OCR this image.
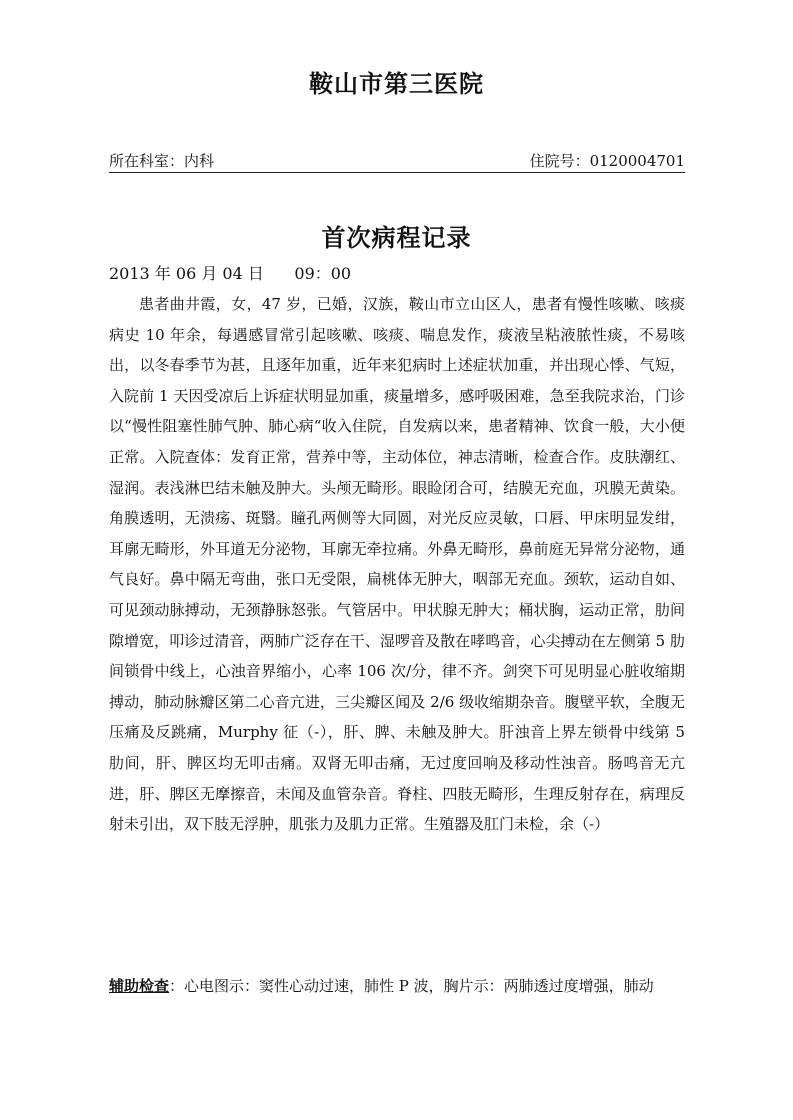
鞍山市第三医院
所在科室：内科	住院号：0120004701
首次病程记录
2013 年 06 月 04 日      09：00
患者曲井霞，女，47 岁，已婚，汉族，鞍山市立山区人，患者有慢性咳嗽、咳痰病史 10 年余，每遇感冒常引起咳嗽、咳痰、喘息发作，痰液呈粘液脓性痰，不易咳出，以冬春季节为甚，且逐年加重，近年来犯病时上述症状加重，并出现心悸、气短，入院前 1 天因受凉后上诉症状明显加重，痰量增多，感呼吸困难，急至我院求治，门诊以“慢性阻塞性肺气肿、肺心病“收入住院，自发病以来，患者精神、饮食一般，大小便正常。入院查体：发育正常，营养中等，主动体位，神志清晰，检查合作。皮肤潮红、湿润。表浅淋巴结未触及肿大。头颅无畸形。眼睑闭合可，结膜无充血，巩膜无黄染。角膜透明，无溃疡、斑翳。瞳孔两侧等大同圆，对光反应灵敏，口唇、甲床明显发绀，耳廓无畸形，外耳道无分泌物，耳廓无牵拉痛。外鼻无畸形，鼻前庭无异常分泌物，通气良好。鼻中隔无弯曲，张口无受限，扁桃体无肿大，咽部无充血。颈软，运动自如、可见颈动脉搏动，无颈静脉怒张。气管居中。甲状腺无肿大；桶状胸，运动正常，肋间隙增宽，叩诊过清音，两肺广泛存在干、湿啰音及散在哮鸣音，心尖搏动在左侧第 5 肋间锁骨中线上，心浊音界缩小，心率 106 次/分，律不齐。剑突下可见明显心脏收缩期搏动，肺动脉瓣区第二心音亢进，三尖瓣区闻及 2/6 级收缩期杂音。腹壁平软，全腹无压痛及反跳痛，Murphy 征（-），肝、脾、未触及肿大。肝浊音上界左锁骨中线第 5 肋间，肝、脾区均无叩击痛。双肾无叩击痛，无过度回响及移动性浊音。肠鸣音无亢进，肝、脾区无摩擦音，未闻及血管杂音。脊柱、四肢无畸形，生理反射存在，病理反射未引出，双下肢无浮肿，肌张力及肌力正常。生殖器及肛门未检，余（-）
辅助检查：心电图示：窦性心动过速，肺性 P 波，胸片示：两肺透过度增强，肺动
